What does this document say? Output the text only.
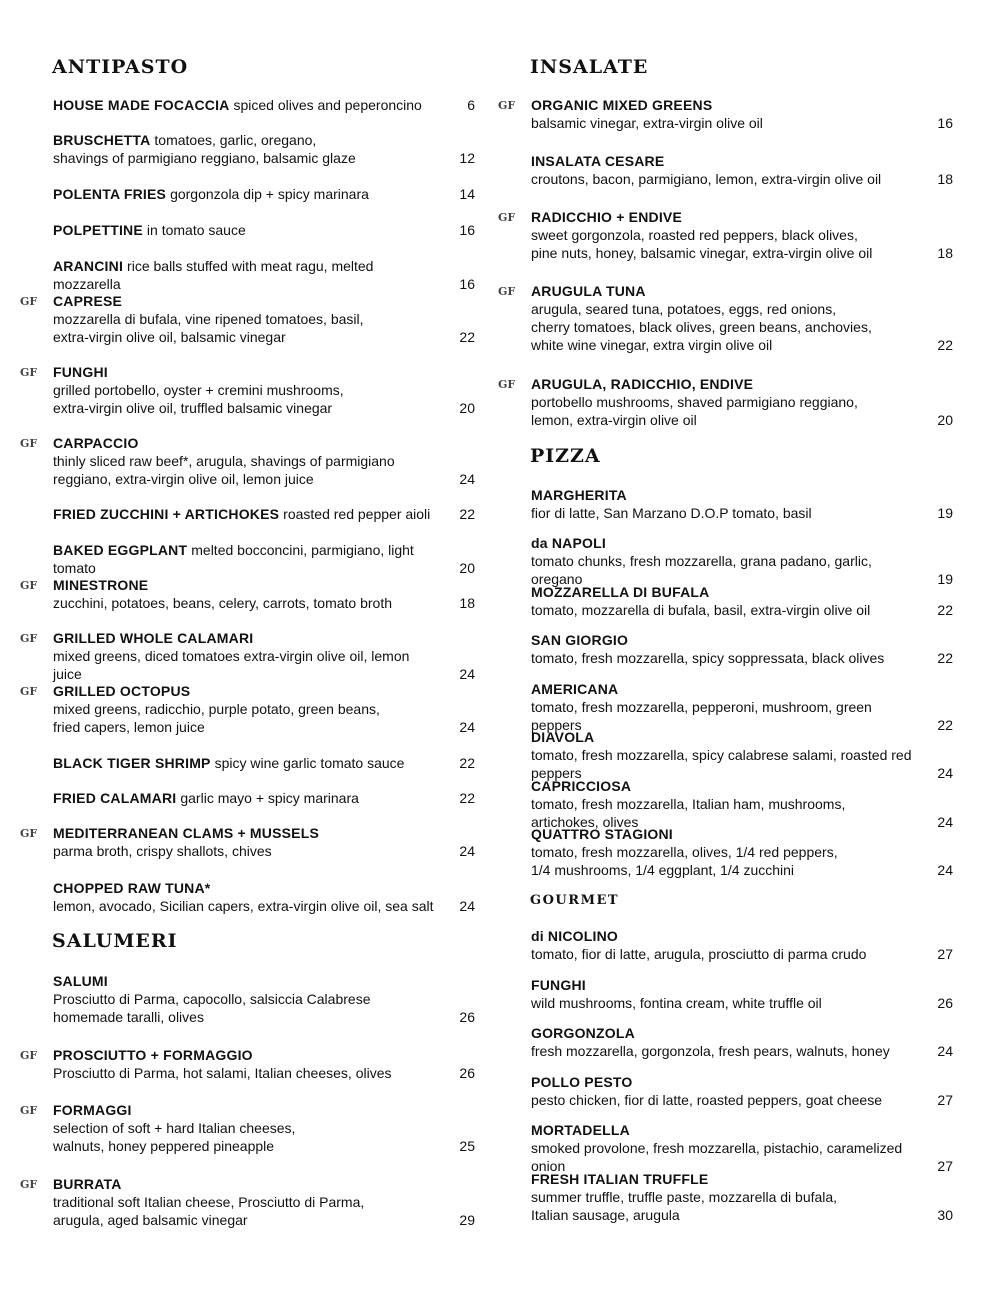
ANTIPASTO
HOUSE MADE FOCACCIA spiced olives and peperoncino	6
BRUSCHETTA tomatoes, garlic, oregano,
shavings of parmigiano reggiano, balsamic glaze	12
POLENTA FRIES gorgonzola dip + spicy marinara	14
POLPETTINE in tomato sauce	16
ARANCINI rice balls stuffed with meat ragu, melted mozzarella	16
GF CAPRESE
mozzarella di bufala, vine ripened tomatoes, basil,
extra-virgin olive oil, balsamic vinegar	22
GF FUNGHI
grilled portobello, oyster + cremini mushrooms,
extra-virgin olive oil, truffled balsamic vinegar	20
GF CARPACCIO
thinly sliced raw beef*, arugula, shavings of parmigiano
reggiano, extra-virgin olive oil, lemon juice	24
FRIED ZUCCHINI + ARTICHOKES roasted red pepper aioli	22
BAKED EGGPLANT melted bocconcini, parmigiano, light tomato	20
GF MINESTRONE
zucchini, potatoes, beans, celery, carrots, tomato broth	18
GF GRILLED WHOLE CALAMARI
mixed greens, diced tomatoes extra-virgin olive oil, lemon juice	24
GF GRILLED OCTOPUS
mixed greens, radicchio, purple potato, green beans,
fried capers, lemon juice	24
BLACK TIGER SHRIMP spicy wine garlic tomato sauce	22
FRIED CALAMARI garlic mayo + spicy marinara	22
GF MEDITERRANEAN CLAMS + MUSSELS
parma broth, crispy shallots, chives	24
CHOPPED RAW TUNA*
lemon, avocado, Sicilian capers, extra-virgin olive oil, sea salt	24
SALUMERI
SALUMI
Prosciutto di Parma, capocollo, salsiccia Calabrese
homemade taralli, olives	26
GF PROSCIUTTO + FORMAGGIO
Prosciutto di Parma, hot salami, Italian cheeses, olives	26
GF FORMAGGI
selection of soft + hard Italian cheeses,
walnuts, honey peppered pineapple	25
GF BURRATA
traditional soft Italian cheese, Prosciutto di Parma,
arugula, aged balsamic vinegar	29
INSALATE
GF ORGANIC MIXED GREENS
balsamic vinegar, extra-virgin olive oil	16
INSALATA CESARE
croutons, bacon, parmigiano, lemon, extra-virgin olive oil	18
GF RADICCHIO + ENDIVE
sweet gorgonzola, roasted red peppers, black olives,
pine nuts, honey, balsamic vinegar, extra-virgin olive oil	18
GF ARUGULA TUNA
arugula, seared tuna, potatoes, eggs, red onions,
cherry tomatoes, black olives, green beans, anchovies,
white wine vinegar, extra virgin olive oil	22
GF ARUGULA, RADICCHIO, ENDIVE
portobello mushrooms, shaved parmigiano reggiano,
lemon, extra-virgin olive oil	20
PIZZA
MARGHERITA
fior di latte, San Marzano D.O.P tomato, basil	19
da NAPOLI
tomato chunks, fresh mozzarella, grana padano, garlic, oregano	19
MOZZARELLA DI BUFALA
tomato, mozzarella di bufala, basil, extra-virgin olive oil	22
SAN GIORGIO
tomato, fresh mozzarella, spicy soppressata, black olives	22
AMERICANA
tomato, fresh mozzarella, pepperoni, mushroom, green peppers	22
DIAVOLA
tomato, fresh mozzarella, spicy calabrese salami, roasted red peppers	24
CAPRICCIOSA
tomato, fresh mozzarella, Italian ham, mushrooms, artichokes, olives	24
QUATTRO STAGIONI
tomato, fresh mozzarella, olives, 1/4 red peppers,
1/4 mushrooms, 1/4 eggplant, 1/4 zucchini	24
GOURMET
di NICOLINO
tomato, fior di latte, arugula, prosciutto di parma crudo	27
FUNGHI
wild mushrooms, fontina cream, white truffle oil	26
GORGONZOLA
fresh mozzarella, gorgonzola, fresh pears, walnuts, honey	24
POLLO PESTO
pesto chicken, fior di latte, roasted peppers, goat cheese	27
MORTADELLA
smoked provolone, fresh mozzarella, pistachio, caramelized onion	27
FRESH ITALIAN TRUFFLE
summer truffle, truffle paste, mozzarella di bufala,
Italian sausage, arugula	30
